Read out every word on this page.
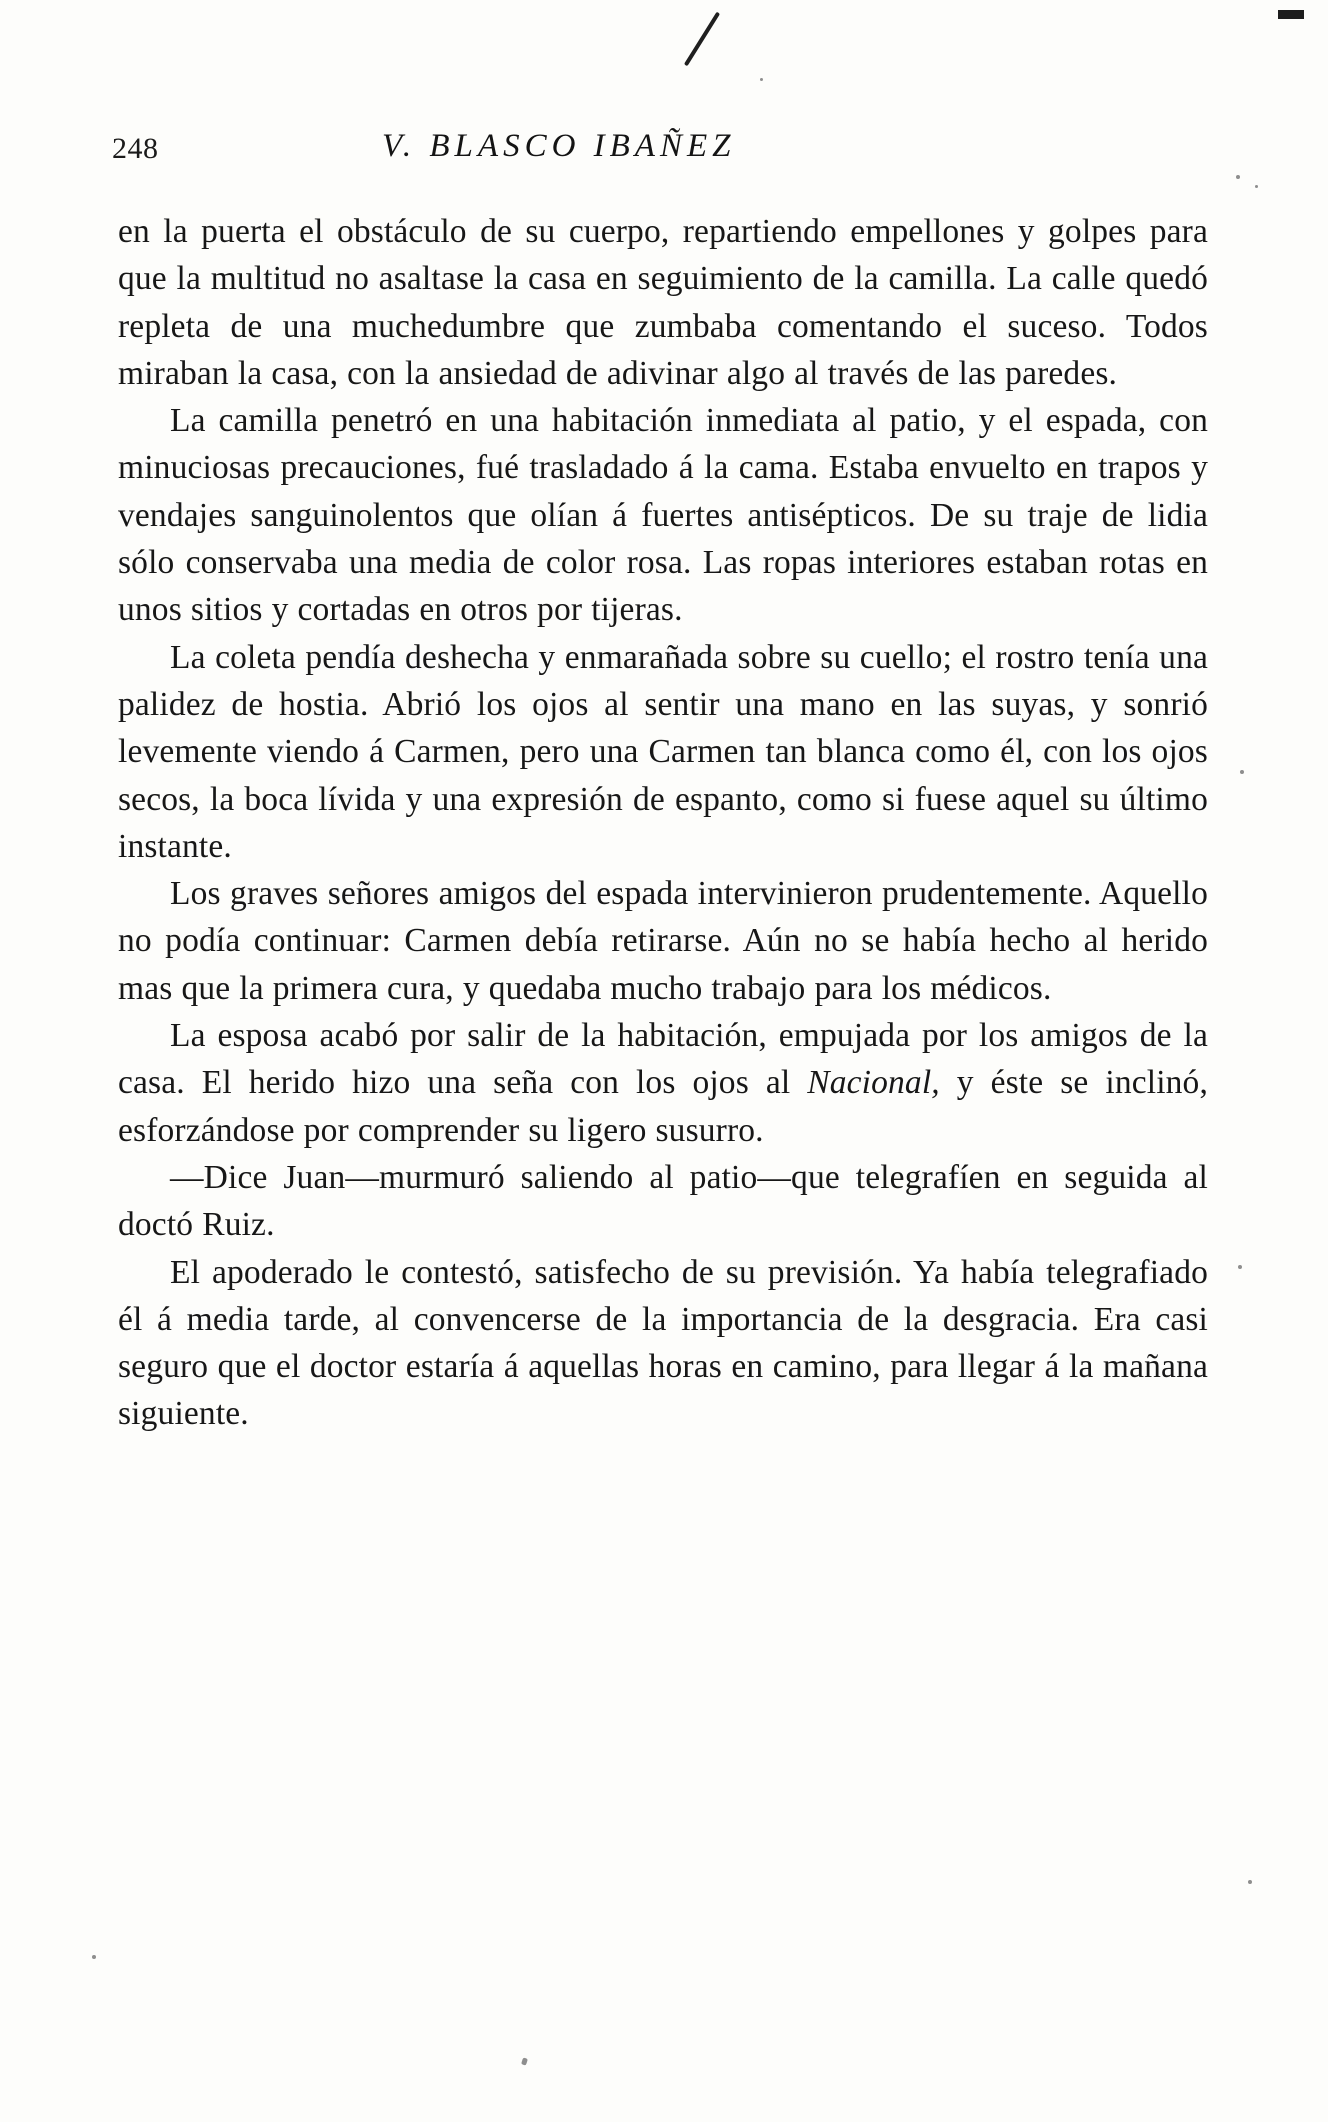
248	V. BLASCO IBAÑEZ

en la puerta el obstáculo de su cuerpo, repartiendo empellones y golpes para que la multitud no asaltase la casa en seguimiento de la camilla. La calle quedó repleta de una muchedumbre que zumbaba comentando el suceso. Todos miraban la casa, con la ansiedad de adivinar algo al través de las paredes.

La camilla penetró en una habitación inmediata al patio, y el espada, con minuciosas precauciones, fué trasladado á la cama. Estaba envuelto en trapos y vendajes sanguinolentos que olían á fuertes antisépticos. De su traje de lidia sólo conservaba una media de color rosa. Las ropas interiores estaban rotas en unos sitios y cortadas en otros por tijeras.

La coleta pendía deshecha y enmarañada sobre su cuello; el rostro tenía una palidez de hostia. Abrió los ojos al sentir una mano en las suyas, y sonrió levemente viendo á Carmen, pero una Carmen tan blanca como él, con los ojos secos, la boca lívida y una expresión de espanto, como si fuese aquel su último instante.

Los graves señores amigos del espada intervinieron prudentemente. Aquello no podía continuar: Carmen debía retirarse. Aún no se había hecho al herido mas que la primera cura, y quedaba mucho trabajo para los médicos.

La esposa acabó por salir de la habitación, empujada por los amigos de la casa. El herido hizo una seña con los ojos al Nacional, y éste se inclinó, esforzándose por comprender su ligero susurro.

—Dice Juan—murmuró saliendo al patio—que telegrafíen en seguida al doctó Ruiz.

El apoderado le contestó, satisfecho de su previsión. Ya había telegrafiado él á media tarde, al convencerse de la importancia de la desgracia. Era casi seguro que el doctor estaría á aquellas horas en camino, para llegar á la mañana siguiente.
